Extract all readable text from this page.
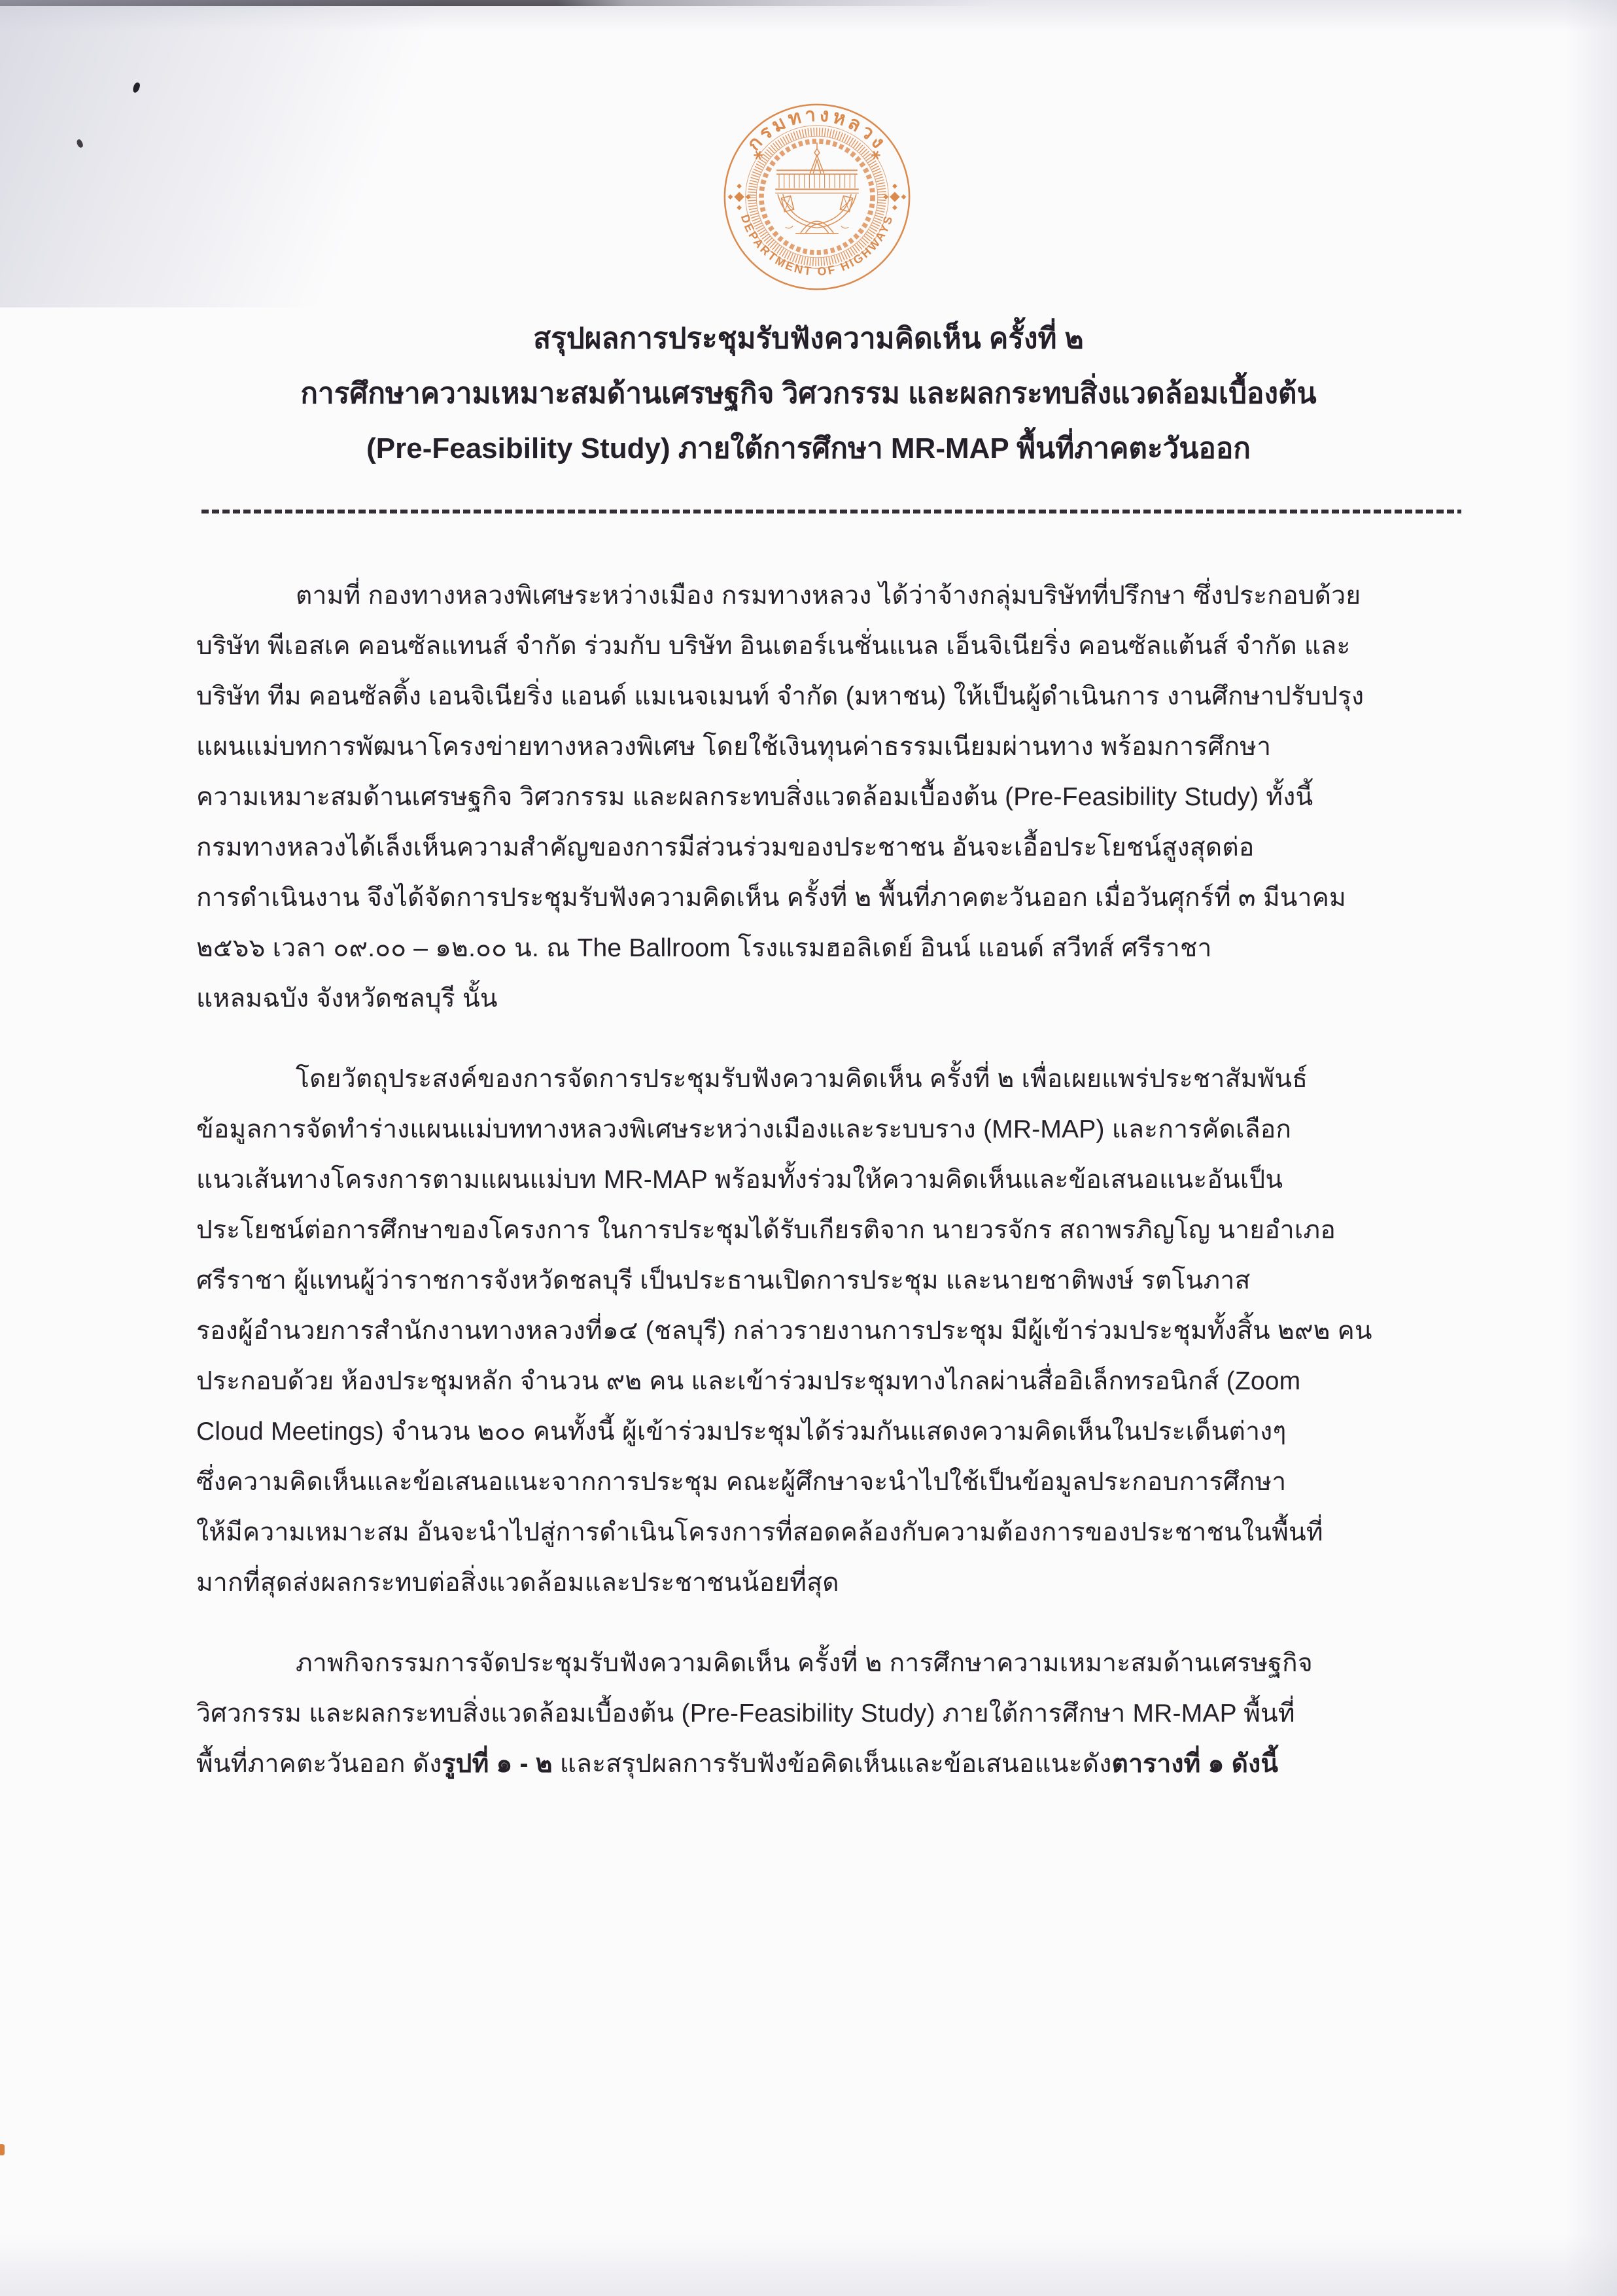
กรมทางหลวง
DEPARTMENT OF HIGHWAYS
สรุปผลการประชุมรับฟังความคิดเห็น ครั้งที่ ๒
การศึกษาความเหมาะสมด้านเศรษฐกิจ วิศวกรรม และผลกระทบสิ่งแวดล้อมเบื้องต้น
(Pre-Feasibility Study) ภายใต้การศึกษา MR-MAP พื้นที่ภาคตะวันออก
ตามที่ กองทางหลวงพิเศษระหว่างเมือง กรมทางหลวง ได้ว่าจ้างกลุ่มบริษัทที่ปรึกษา ซึ่งประกอบด้วย
บริษัท พีเอสเค คอนซัลแทนส์ จำกัด ร่วมกับ บริษัท อินเตอร์เนชั่นแนล เอ็นจิเนียริ่ง คอนซัลแต้นส์ จำกัด และ
บริษัท ทีม คอนซัลติ้ง เอนจิเนียริ่ง แอนด์ แมเนจเมนท์ จำกัด (มหาชน) ให้เป็นผู้ดำเนินการ งานศึกษาปรับปรุง
แผนแม่บทการพัฒนาโครงข่ายทางหลวงพิเศษ โดยใช้เงินทุนค่าธรรมเนียมผ่านทาง พร้อมการศึกษา
ความเหมาะสมด้านเศรษฐกิจ วิศวกรรม และผลกระทบสิ่งแวดล้อมเบื้องต้น (Pre-Feasibility Study) ทั้งนี้
กรมทางหลวงได้เล็งเห็นความสำคัญของการมีส่วนร่วมของประชาชน อันจะเอื้อประโยชน์สูงสุดต่อ
การดำเนินงาน จึงได้จัดการประชุมรับฟังความคิดเห็น ครั้งที่ ๒ พื้นที่ภาคตะวันออก เมื่อวันศุกร์ที่ ๓ มีนาคม
๒๕๖๖ เวลา ๐๙.๐๐ – ๑๒.๐๐ น. ณ The Ballroom โรงแรมฮอลิเดย์ อินน์ แอนด์ สวีทส์ ศรีราชา
แหลมฉบัง จังหวัดชลบุรี นั้น
โดยวัตถุประสงค์ของการจัดการประชุมรับฟังความคิดเห็น ครั้งที่ ๒ เพื่อเผยแพร่ประชาสัมพันธ์
ข้อมูลการจัดทำร่างแผนแม่บททางหลวงพิเศษระหว่างเมืองและระบบราง (MR-MAP) และการคัดเลือก
แนวเส้นทางโครงการตามแผนแม่บท MR-MAP พร้อมทั้งร่วมให้ความคิดเห็นและข้อเสนอแนะอันเป็น
ประโยชน์ต่อการศึกษาของโครงการ ในการประชุมได้รับเกียรติจาก นายวรจักร สถาพรภิญโญ นายอำเภอ
ศรีราชา ผู้แทนผู้ว่าราชการจังหวัดชลบุรี เป็นประธานเปิดการประชุม และนายชาติพงษ์ รตโนภาส
รองผู้อำนวยการสำนักงานทางหลวงที่๑๔ (ชลบุรี) กล่าวรายงานการประชุม มีผู้เข้าร่วมประชุมทั้งสิ้น ๒๙๒ คน
ประกอบด้วย ห้องประชุมหลัก จำนวน ๙๒ คน และเข้าร่วมประชุมทางไกลผ่านสื่ออิเล็กทรอนิกส์ (Zoom
Cloud Meetings) จำนวน ๒๐๐ คนทั้งนี้ ผู้เข้าร่วมประชุมได้ร่วมกันแสดงความคิดเห็นในประเด็นต่างๆ
ซึ่งความคิดเห็นและข้อเสนอแนะจากการประชุม คณะผู้ศึกษาจะนำไปใช้เป็นข้อมูลประกอบการศึกษา
ให้มีความเหมาะสม อันจะนำไปสู่การดำเนินโครงการที่สอดคล้องกับความต้องการของประชาชนในพื้นที่
มากที่สุดส่งผลกระทบต่อสิ่งแวดล้อมและประชาชนน้อยที่สุด
ภาพกิจกรรมการจัดประชุมรับฟังความคิดเห็น ครั้งที่ ๒ การศึกษาความเหมาะสมด้านเศรษฐกิจ
วิศวกรรม และผลกระทบสิ่งแวดล้อมเบื้องต้น (Pre-Feasibility Study) ภายใต้การศึกษา MR-MAP พื้นที่
พื้นที่ภาคตะวันออก ดังรูปที่ ๑ - ๒ และสรุปผลการรับฟังข้อคิดเห็นและข้อเสนอแนะดังตารางที่ ๑ ดังนี้
